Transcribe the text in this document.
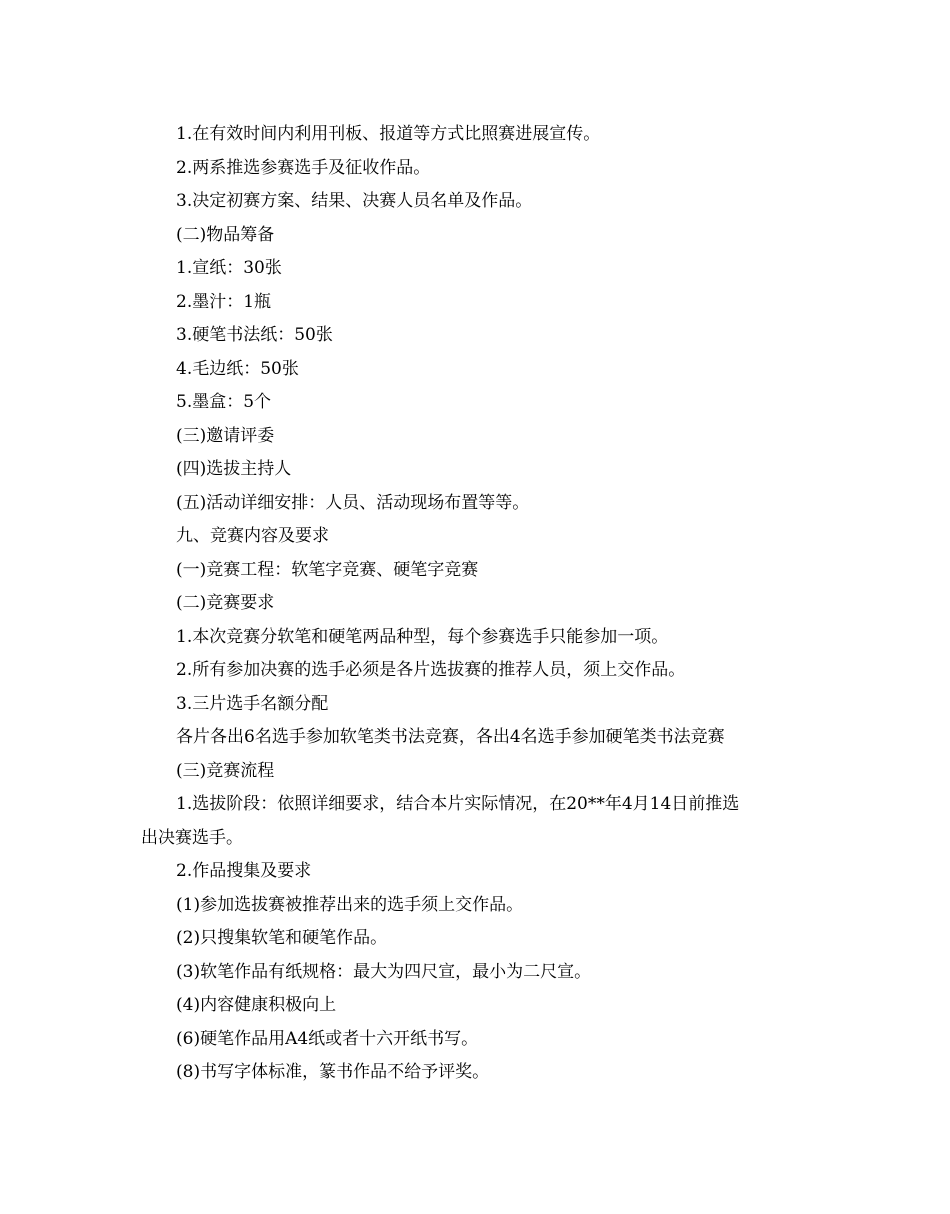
1.在有效时间内利用刊板、报道等方式比照赛进展宣传。
2.两系推选参赛选手及征收作品。
3.决定初赛方案、结果、决赛人员名单及作品。
(二)物品筹备
1.宣纸：30张
2.墨汁：1瓶
3.硬笔书法纸：50张
4.毛边纸：50张
5.墨盒：5个
(三)邀请评委
(四)选拔主持人
(五)活动详细安排：人员、活动现场布置等等。
九、竞赛内容及要求
(一)竞赛工程：软笔字竞赛、硬笔字竞赛
(二)竞赛要求
1.本次竞赛分软笔和硬笔两品种型，每个参赛选手只能参加一项。
2.所有参加决赛的选手必须是各片选拔赛的推荐人员，须上交作品。
3.三片选手名额分配
各片各出6名选手参加软笔类书法竞赛，各出4名选手参加硬笔类书法竞赛
(三)竞赛流程
1.选拔阶段：依照详细要求，结合本片实际情况，在20**年4月14日前推选
出决赛选手。
2.作品搜集及要求
(1)参加选拔赛被推荐出来的选手须上交作品。
(2)只搜集软笔和硬笔作品。
(3)软笔作品有纸规格：最大为四尺宣，最小为二尺宣。
(4)内容健康积极向上
(6)硬笔作品用A4纸或者十六开纸书写。
(8)书写字体标准，篆书作品不给予评奖。
